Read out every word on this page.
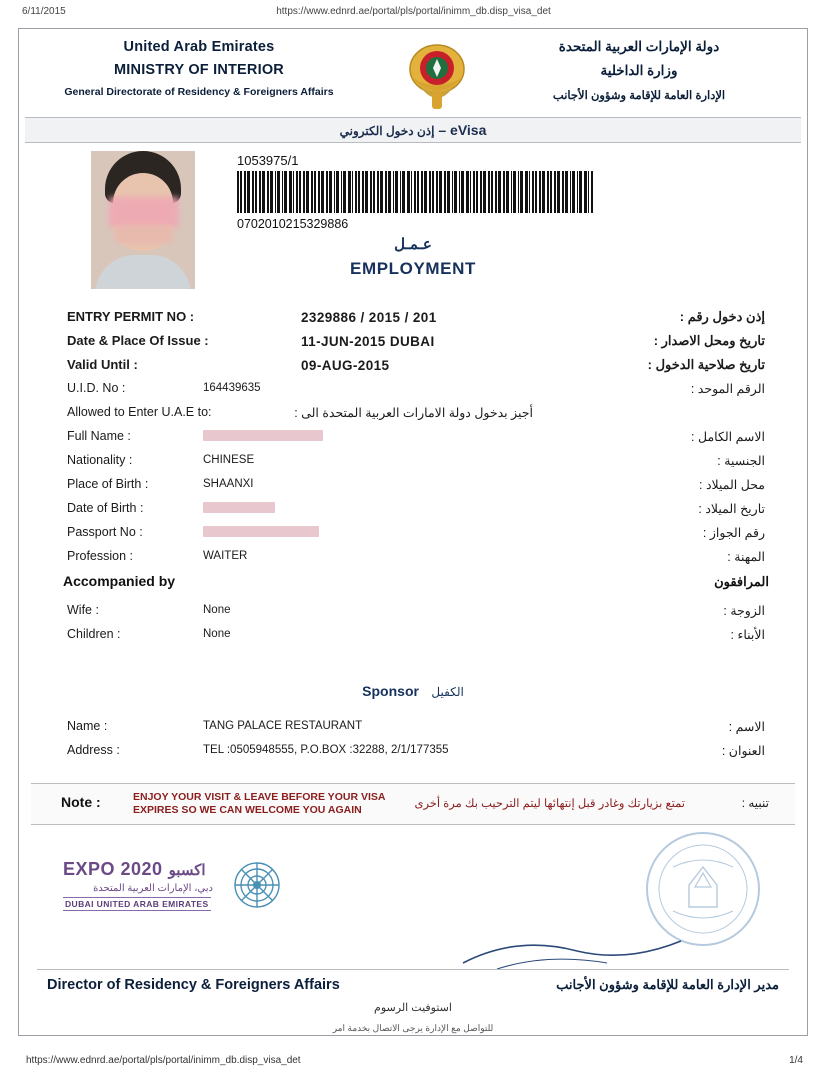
6/11/2015	https://www.ednrd.ae/portal/pls/portal/inimm_db.disp_visa_det
United Arab Emirates
MINISTRY OF INTERIOR
General Directorate of Residency & Foreigners Affairs
دولة الإمارات العربية المتحدة
وزارة الداخلية
الإدارة العامة للإقامة وشؤون الأجانب
إذن دخول الكتروني – eVisa
1053975/1
0702010215329886
عـمـل
EMPLOYMENT
ENTRY PERMIT NO :	2329886 / 2015 / 201	إذن دخول رقم :
Date & Place Of Issue :	11-JUN-2015 DUBAI	تاريخ ومحل الاصدار :
Valid Until :	09-AUG-2015	تاريخ صلاحية الدخول :
U.I.D. No :	164439635	الرقم الموحد :
Allowed to Enter U.A.E to:	أجيز بدخول دولة الامارات العربية المتحدة الى :
Full Name :	الاسم الكامل :
Nationality :	CHINESE	الجنسية :
Place of Birth :	SHAANXI	محل الميلاد :
Date of Birth :	تاريخ الميلاد :
Passport No :	رقم الجواز :
Profession :	WAITER	المهنة :
Accompanied by	المرافقون
Wife :	None	الزوجة :
Children :	None	الأبناء :
Sponsor الكفيل
Name :	TANG PALACE RESTAURANT	الاسم :
Address :	TEL :0505948555, P.O.BOX :32288, 2/1/177355	العنوان :
Note :	ENJOY YOUR VISIT & LEAVE BEFORE YOUR VISA EXPIRES SO WE CAN WELCOME YOU AGAIN	تمتع بزيارتك وغادر قبل إنتهائها ليتم الترحيب بك مرة أخرى	تنبيه :
EXPO 2020 اكسبو
دبي، الإمارات العربية المتحدة
DUBAI UNITED ARAB EMIRATES
Director of Residency & Foreigners Affairs	مدير الإدارة العامة للإقامة وشؤون الأجانب
استوفيت الرسوم
للتواصل مع الإدارة يرجى الاتصال بخدمة امر
https://www.ednrd.ae/portal/pls/portal/inimm_db.disp_visa_det	1/4
